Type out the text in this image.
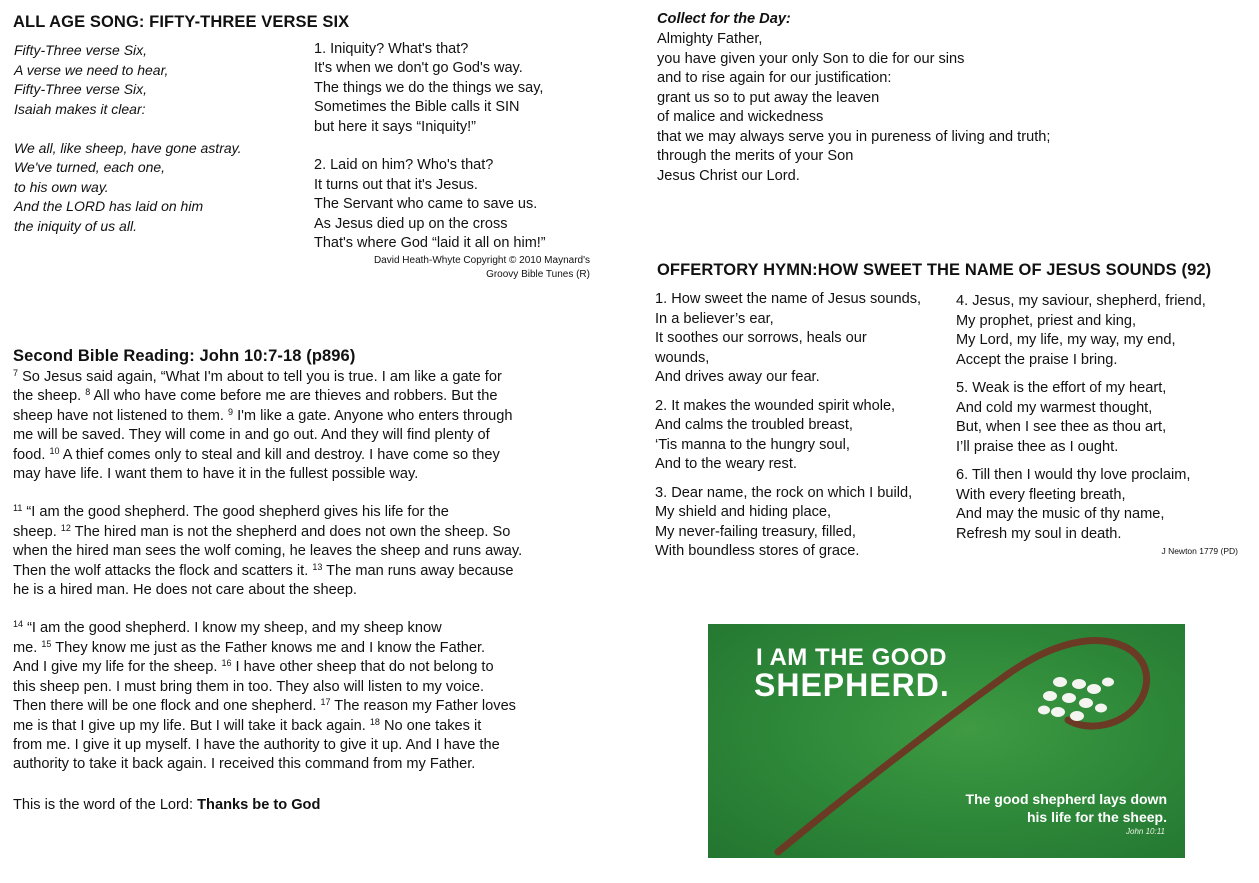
ALL AGE SONG: FIFTY-THREE VERSE SIX
Fifty-Three verse Six,
A verse we need to hear,
Fifty-Three verse Six,
Isaiah makes it clear:

We all, like sheep, have gone astray.
We've turned, each one,
to his own way.
And the LORD has laid on him
the iniquity of us all.
1. Iniquity? What's that?
It's when we don't go God's way.
The things we do the things we say,
Sometimes the Bible calls it SIN
but here it says “Iniquity!”

2. Laid on him? Who's that?
It turns out that it's Jesus.
The Servant who came to save us.
As Jesus died up on the cross
That's where God “laid it all on him!”
David Heath-Whyte Copyright © 2010 Maynard's
Groovy Bible Tunes (R)
Second Bible Reading: John 10:7-18 (p896)

$^7$ So Jesus said again, “What I'm about to tell you is true. I am like a gate for
the sheep. $^8$ All who have come before me are thieves and robbers. But the
sheep have not listened to them. $^9$ I'm like a gate. Anyone who enters through
me will be saved. They will come in and go out. And they will find plenty of
food. $^{10}$ A thief comes only to steal and kill and destroy. I have come so they
may have life. I want them to have it in the fullest possible way.

$^{11}$ “I am the good shepherd. The good shepherd gives his life for the
sheep. $^{12}$ The hired man is not the shepherd and does not own the sheep. So
when the hired man sees the wolf coming, he leaves the sheep and runs away.
Then the wolf attacks the flock and scatters it. $^{13}$ The man runs away because
he is a hired man. He does not care about the sheep.

$^{14}$ “I am the good shepherd. I know my sheep, and my sheep know
me. $^{15}$ They know me just as the Father knows me and I know the Father.
And I give my life for the sheep. $^{16}$ I have other sheep that do not belong to
this sheep pen. I must bring them in too. They also will listen to my voice.
Then there will be one flock and one shepherd. $^{17}$ The reason my Father loves
me is that I give up my life. But I will take it back again. $^{18}$ No one takes it
from me. I give it up myself. I have the authority to give it up. And I have the
authority to take it back again. I received this command from my Father.

This is the word of the Lord: Thanks be to God
Collect for the Day:
Almighty Father,
you have given your only Son to die for our sins
and to rise again for our justification:
grant us so to put away the leaven
of malice and wickedness
that we may always serve you in pureness of living and truth;
through the merits of your Son
Jesus Christ our Lord.
OFFERTORY HYMN:HOW SWEET THE NAME OF JESUS SOUNDS (92)
1. How sweet the name of Jesus sounds,
In a believer’s ear,
It soothes our sorrows, heals our
wounds,
And drives away our fear.
2. It makes the wounded spirit whole,
And calms the troubled breast,
‘Tis manna to the hungry soul,
And to the weary rest.
3. Dear name, the rock on which I build,
My shield and hiding place,
My never-failing treasury, filled,
With boundless stores of grace.
4. Jesus, my saviour, shepherd, friend,
My prophet, priest and king,
My Lord, my life, my way, my end,
Accept the praise I bring.
5. Weak is the effort of my heart,
And cold my warmest thought,
But, when I see thee as thou art,
I’ll praise thee as I ought.
6. Till then I would thy love proclaim,
With every fleeting breath,
And may the music of thy name,
Refresh my soul in death.
J Newton 1779 (PD)
I AM THE GOOD
SHEPHERD.
The good shepherd lays down
his life for the sheep.
John 10:11
